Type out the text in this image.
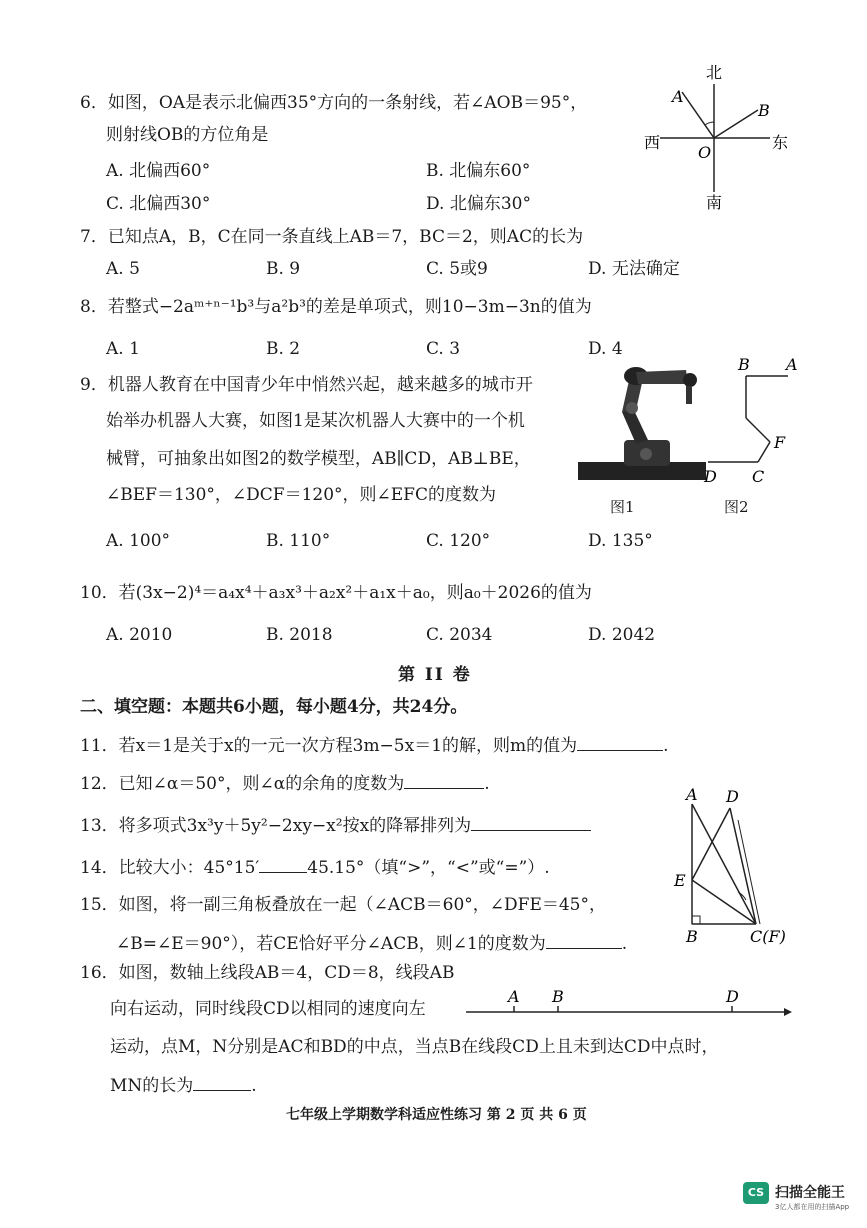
6．如图，OA是表示北偏西35°方向的一条射线，若∠AOB＝95°，
则射线OB的方位角是
A. 北偏西60°	B. 北偏东60°
C. 北偏西30°	D. 北偏东30°
北
南
东
西
O
A
B
7．已知点A，B，C在同一条直线上AB＝7，BC＝2，则AC的长为
A. 5	B. 9	C. 5或9	D. 无法确定
8．若整式−2aᵐ⁺ⁿ⁻¹b³与a²b³的差是单项式，则10−3m−3n的值为
A. 1	B. 2	C. 3	D. 4
9．机器人教育在中国青少年中悄然兴起，越来越多的城市开
始举办机器人大赛，如图1是某次机器人大赛中的一个机
械臂，可抽象出如图2的数学模型，AB∥CD，AB⊥BE，
∠BEF＝130°，∠DCF＝120°，则∠EFC的度数为
A. 100°	B. 110°	C. 120°	D. 135°
图1
B A
F
D C
图2
10．若(3x−2)⁴＝a₄x⁴＋a₃x³＋a₂x²＋a₁x＋a₀，则a₀＋2026的值为
A. 2010	B. 2018	C. 2034	D. 2042
第 II 卷
二、填空题：本题共6小题，每小题4分，共24分。
11．若x＝1是关于x的一元一次方程3m−5x＝1的解，则m的值为	.
12．已知∠α＝50°，则∠α的余角的度数为	.
13．将多项式3x³y＋5y²−2xy−x²按x的降幂排列为
14．比较大小：45°15′	45.15°（填“>”，“<”或“=”）.
15．如图，将一副三角板叠放在一起（∠ACB＝60°，∠DFE＝45°，
∠B=∠E＝90°），若CE恰好平分∠ACB，则∠1的度数为	.
A D
E
B	C(F)
16．如图，数轴上线段AB＝4，CD＝8，线段AB
向右运动，同时线段CD以相同的速度向左
运动，点M，N分别是AC和BD的中点，当点B在线段CD上且未到达CD中点时，
MN的长为	.
A B	D
七年级上学期数学科适应性练习 第 2 页 共 6 页
CS 扫描全能王
3亿人都在用的扫描App
